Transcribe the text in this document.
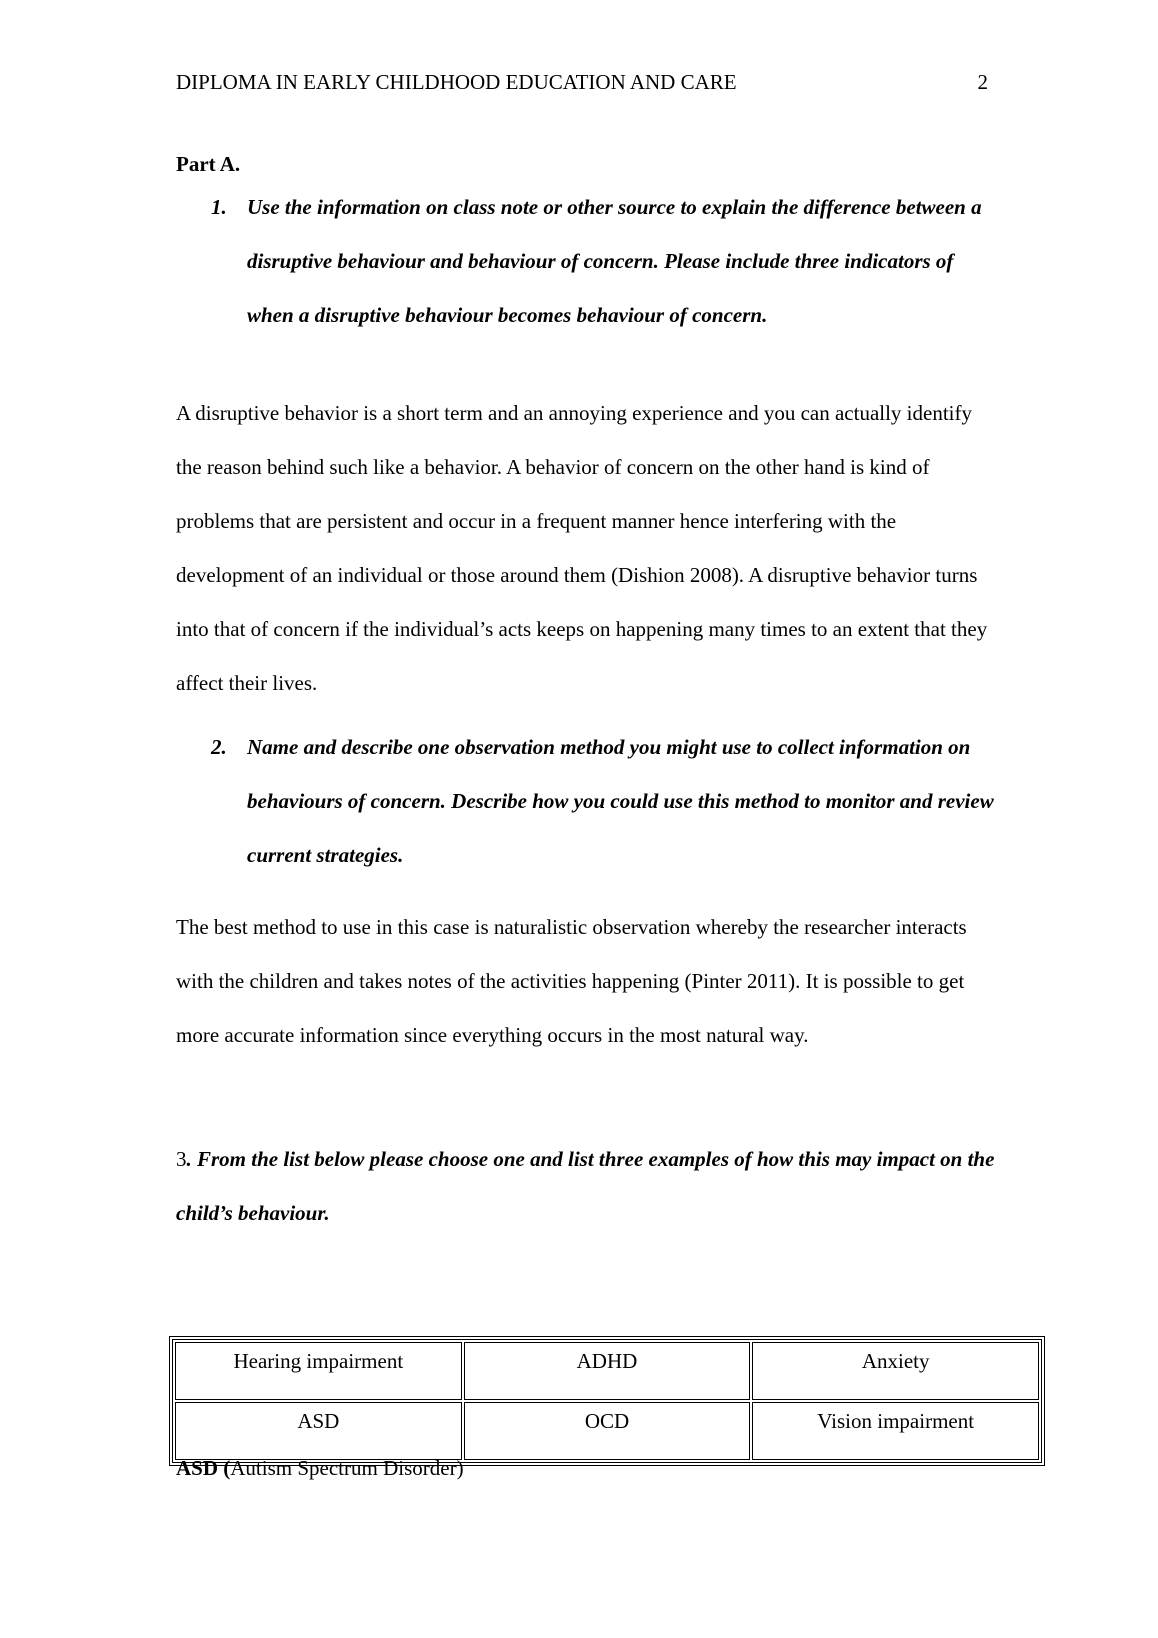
DIPLOMA IN EARLY CHILDHOOD EDUCATION AND CARE	2
Part A.
1. Use the information on class note or other source to explain the difference between a disruptive behaviour and behaviour of concern. Please include three indicators of when a disruptive behaviour becomes behaviour of concern.
A disruptive behavior is a short term and an annoying experience and you can actually identify the reason behind such like a behavior. A behavior of concern on the other hand is kind of problems that are persistent and occur in a frequent manner hence interfering with the development of an individual or those around them (Dishion 2008). A disruptive behavior turns into that of concern if the individual’s acts keeps on happening many times to an extent that they affect their lives.
2. Name and describe one observation method you might use to collect information on behaviours of concern. Describe how you could use this method to monitor and review current strategies.
The best method to use in this case is naturalistic observation whereby the researcher interacts with the children and takes notes of the activities happening (Pinter 2011). It is possible to get more accurate information since everything occurs in the most natural way.
3. From the list below please choose one and list three examples of how this may impact on the child’s behaviour.
Hearing impairment	ADHD	Anxiety
ASD	OCD	Vision impairment
ASD (Autism Spectrum Disorder)
